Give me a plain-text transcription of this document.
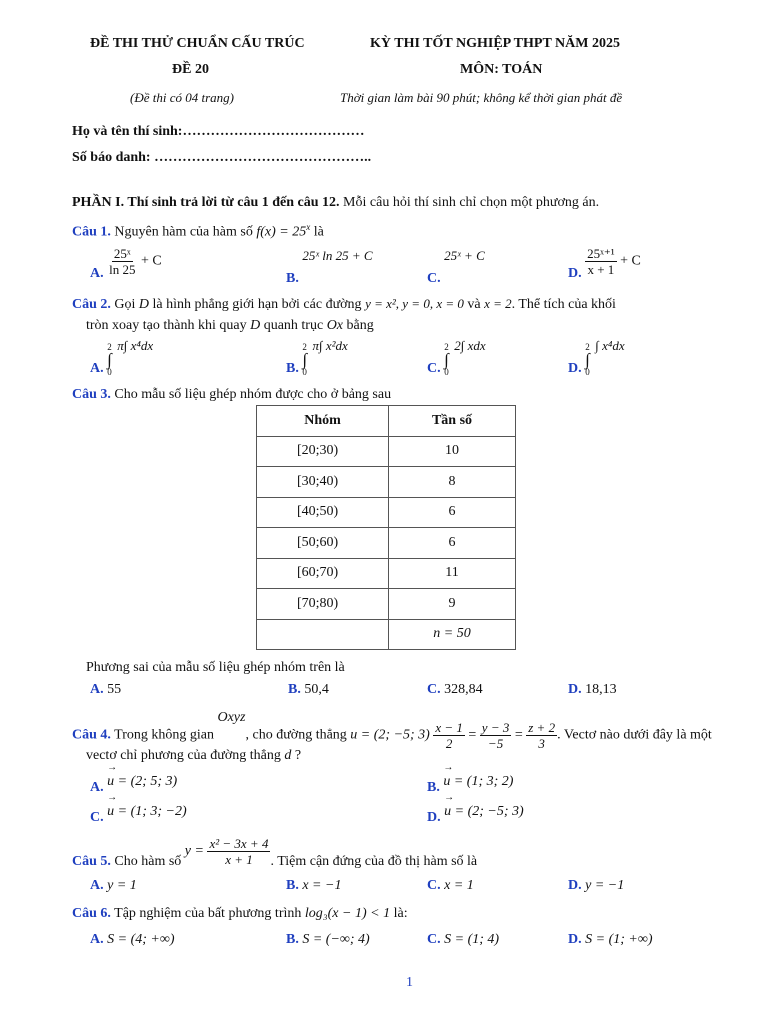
ĐỀ THI THỬ CHUẨN CẤU TRÚC
ĐỀ 20
(Đề thi có 04 trang)
KỲ THI TỐT NGHIỆP THPT NĂM 2025
MÔN: TOÁN
Thời gian làm bài 90 phút; không kể thời gian phát đề
Họ và tên thí sinh:…………………………………
Số báo danh: ………………………………………..
PHẦN I. Thí sinh trả lời từ câu 1 đến câu 12. Mỗi câu hỏi thí sinh chỉ chọn một phương án.
Câu 1. Nguyên hàm của hàm số $f(x) = 25^x$ là
A. $\frac{\text{25ˣ}}{\ln 25} + C$
B. 25ˣ ln 25 + C
C. 25ˣ + C
D. $\frac{\text{25ˣ⁺¹}}{x + 1} + C$
Câu 2. Gọi D là hình phẳng giới hạn bởi các đường y = x², y = 0, x = 0 và x = 2. Thể tích của khối
tròn xoay tạo thành khi quay D quanh trục Ox bằng
A.
2
∫
0
π∫ x⁴dx
B.
2
∫
0
π∫ x²dx
C.
2
∫
0
2∫ xdx
D.
2
∫
0
∫ x⁴dx
Câu 3. Cho mẫu số liệu ghép nhóm được cho ở bảng sau
Nhóm	Tần số
[20;30)	10
[30;40)	8
[40;50)	6
[50;60)	6
[60;70)	11
[70;80)	9
	n = 50
Phương sai của mẫu số liệu ghép nhóm trên là
A. 55	B. 50,4	C. 328,84	D. 18,13
Câu 4. Trong không gian Oxyz, cho đường thẳng u = (2; −5; $3) \frac{x - 1}{2} = \frac{y - 3}{-5} = \frac{z + 2}{3}$ . Vectơ nào dưới đây là một
vectơ chỉ phương của đường thẳng d ?
A. → u = (2; 5; 3)	B. → u = (1; 3; 2)
C. → u = (1; 3; −2)	D. → u = (2; −5; 3)
Câu 5. Cho hàm số $y = \frac{\text{x² − 3x + 4}}{x + 1}$ . Tiệm cận đứng của đồ thị hàm số là
A. y = 1	B. x = −1	C. x = 1	D. y = −1
Câu 6. Tập nghiệm của bất phương trình log₃(x − 1) < 1 là:
A. S = (4; +∞)	B. S = (−∞; 4)	C. S = (1; 4)	D. S = (1; +∞)
1
